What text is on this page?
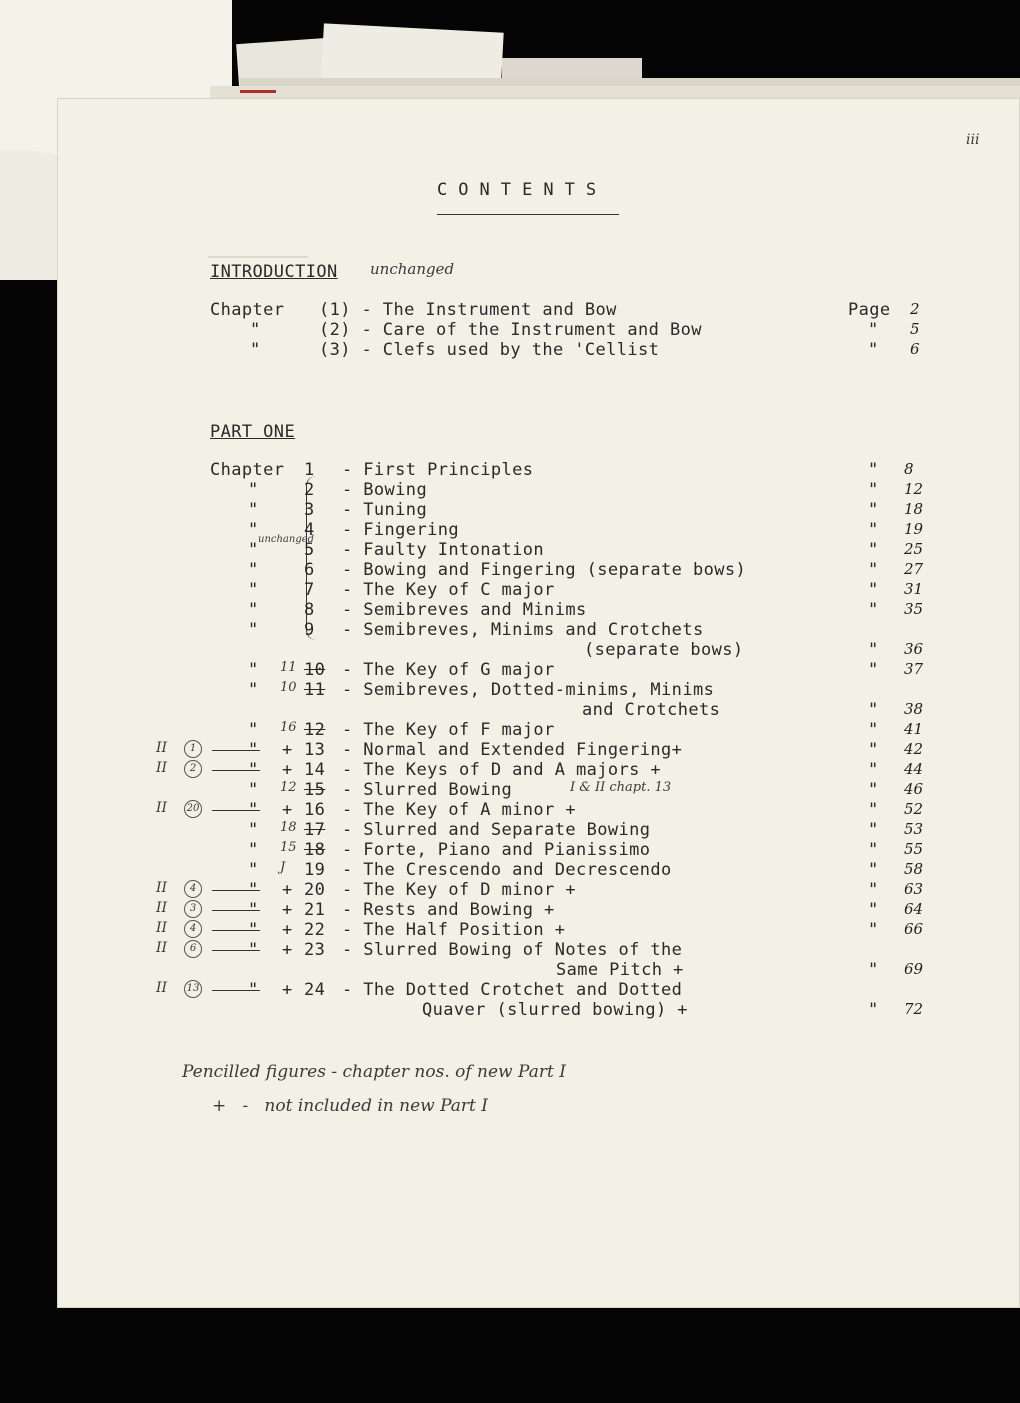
iii
C O N T E N T S
INTRODUCTION unchanged
Chapter (1) - The Instrument and Bow	Page 2
"	(2) - Care of the Instrument and Bow	" 5
"	(3) - Clefs used by the 'Cellist	" 6
PART ONE
unchanged
Chapter 1 - First Principles	" 8
"	2 - Bowing	" 12
"	3 - Tuning	" 18
"	4 - Fingering	" 19
"	5 - Faulty Intonation	" 25
"	6 - Bowing and Fingering (separate bows)	" 27
"	7 - The Key of C major	" 31
"	8 - Semibreves and Minims	" 35
"	9 - Semibreves, Minims and Crotchets
(separate bows)	" 36
" 11 10 - The Key of G major	" 37
" 10 11 - Semibreves, Dotted-minims, Minims
and Crotchets	" 38
" 16 12 - The Key of F major	" 41
II	1	" + 13 - Normal and Extended Fingering+	" 42
II	2	" + 14 - The Keys of D and A majors +	" 44
" 12 15 - Slurred Bowing	I & II chapt. 13	" 46
II 20	" + 16 - The Key of A minor +	" 52
" 18 17 - Slurred and Separate Bowing	" 53
" 15 18 - Forte, Piano and Pianissimo	" 55
" J 19 - The Crescendo and Decrescendo	" 58
II	4	" + 20 - The Key of D minor +	" 63
II	3	" + 21 - Rests and Bowing +	" 64
II	4	" + 22 - The Half Position +	" 66
II	6	" + 23 - Slurred Bowing of Notes of the
Same Pitch +	" 69
II 13	" + 24 - The Dotted Crotchet and Dotted
Quaver (slurred bowing) +	" 72
Pencilled figures - chapter nos. of new Part I
+   -   not included in new Part I
